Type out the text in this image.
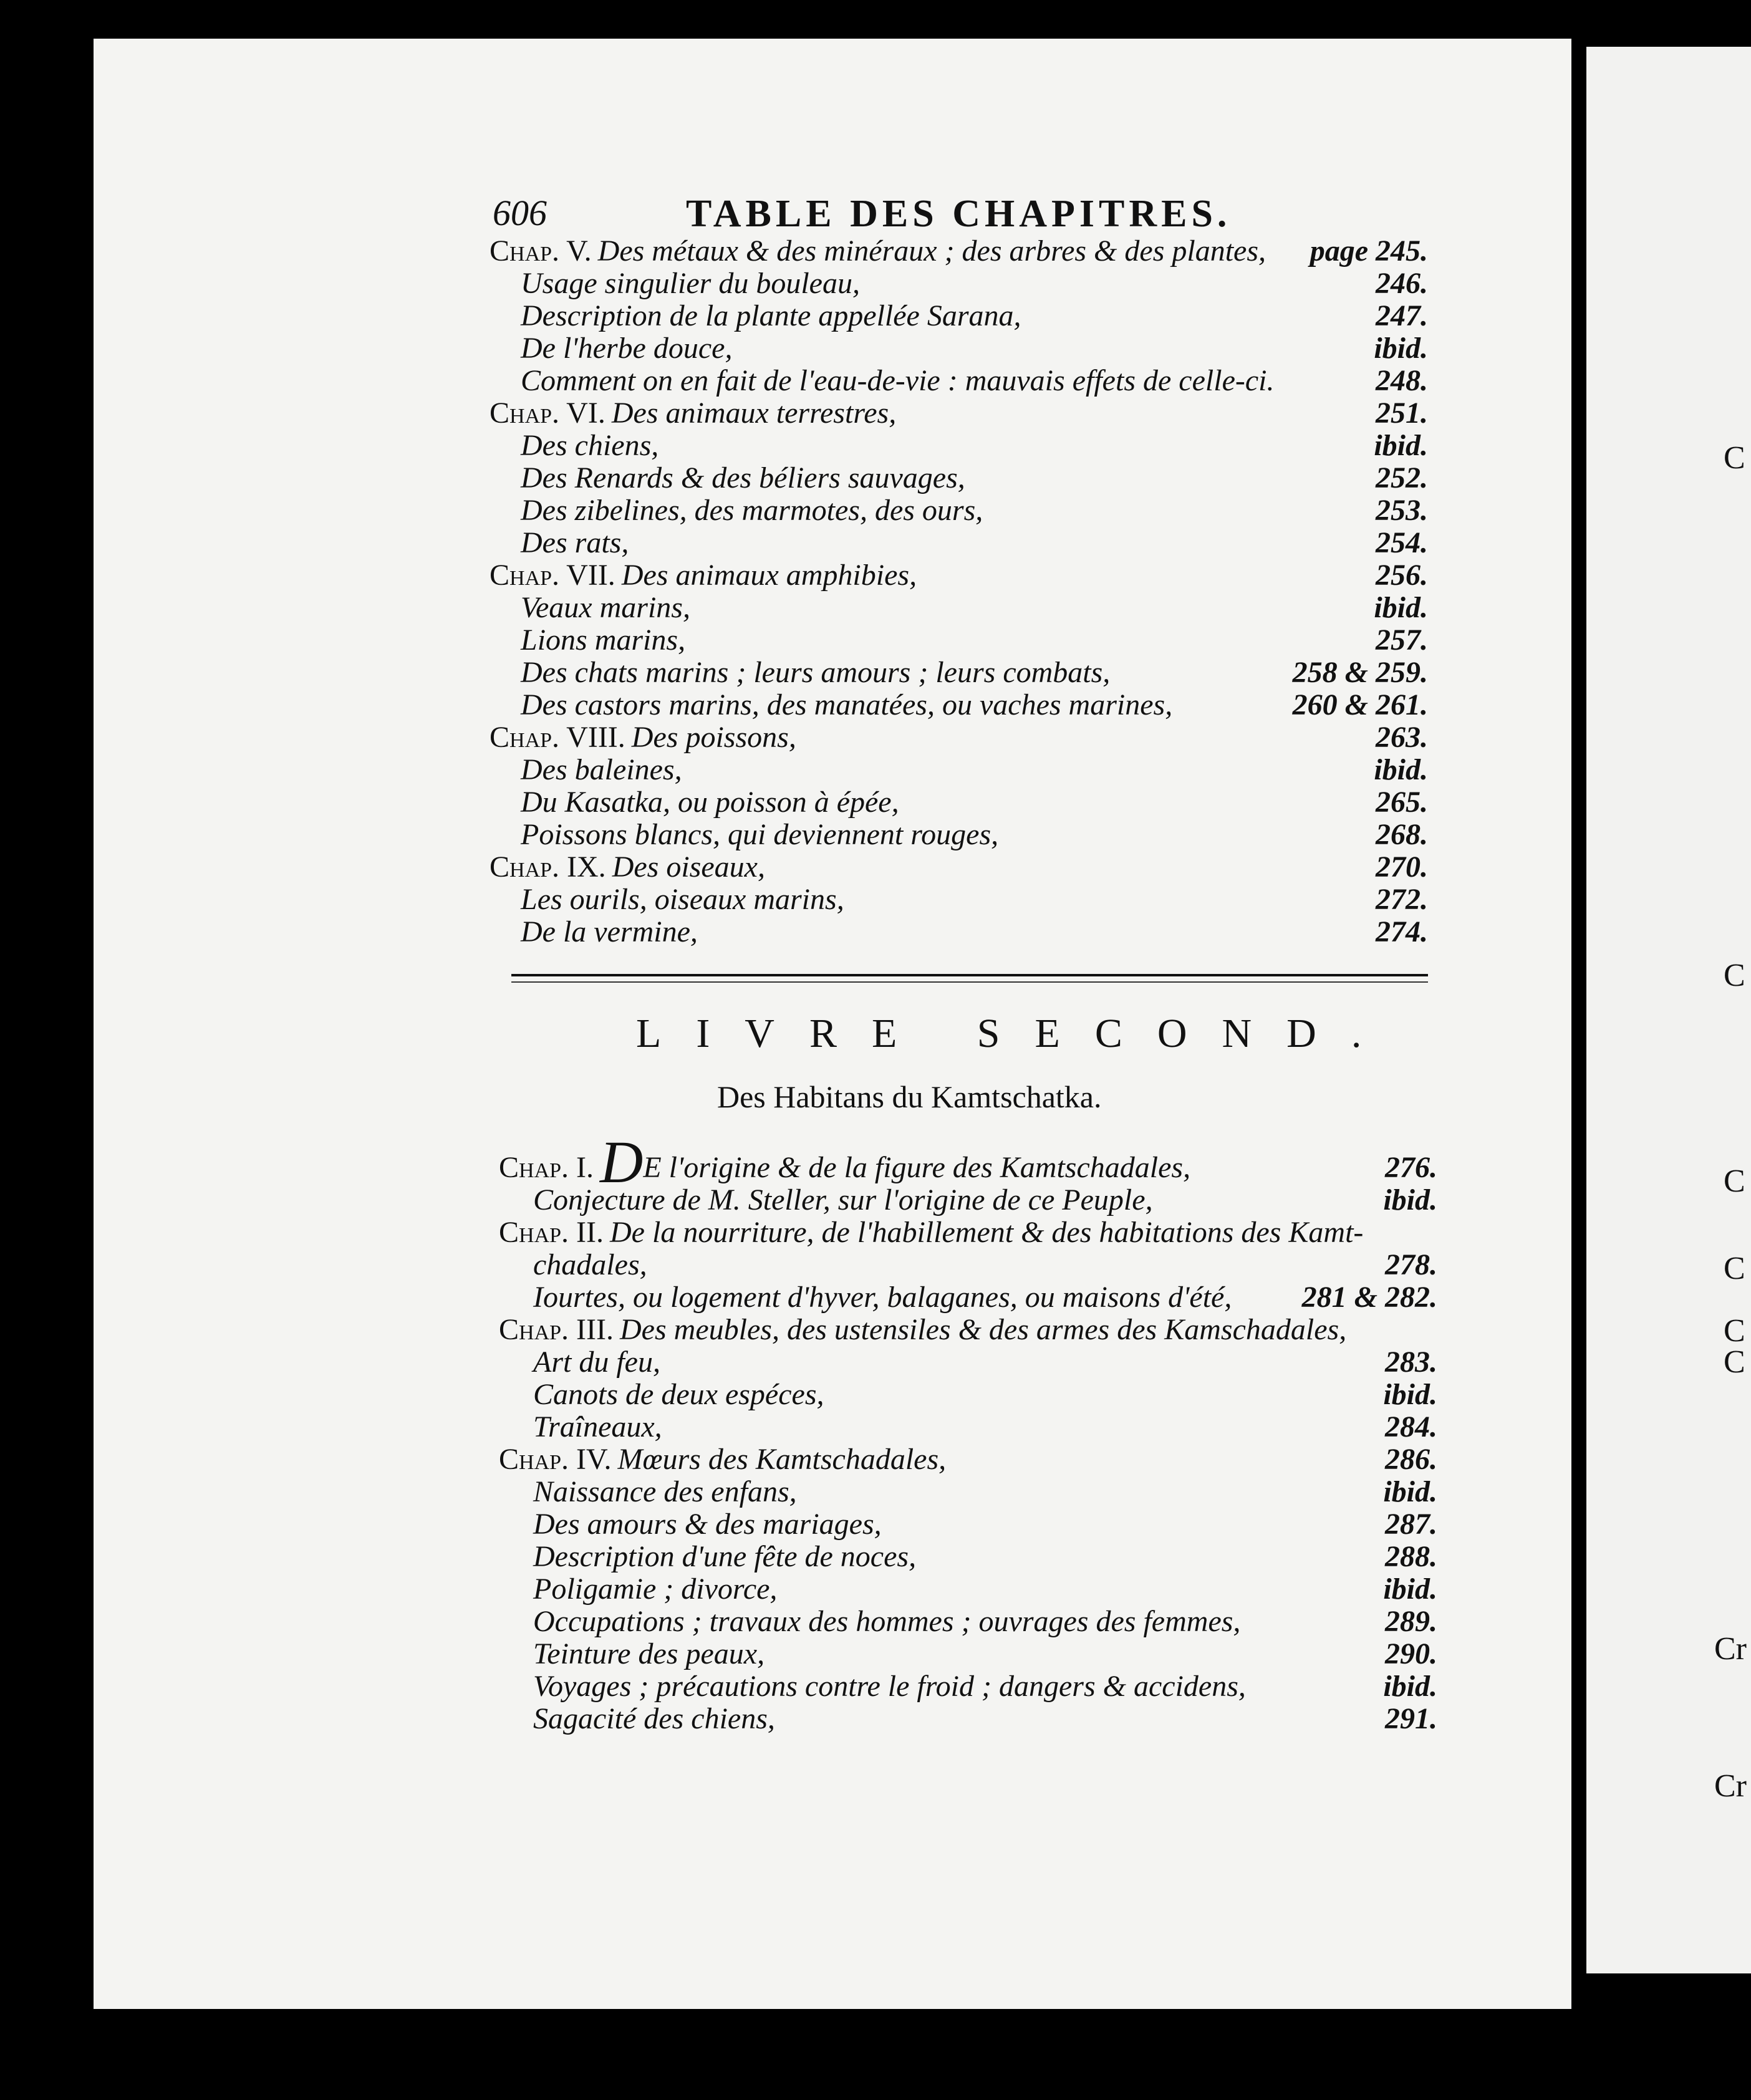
C
C
C
C
C
C
Cr
Cr
606	TABLE DES CHAPITRES.
Chap. V. Des métaux & des minéraux ; des arbres & des plantes, page 245.
Usage singulier du bouleau,	246.
Description de la plante appellée Sarana,	247.
De l'herbe douce,	ibid.
Comment on en fait de l'eau-de-vie : mauvais effets de celle-ci.	248.
Chap. VI. Des animaux terrestres,	251.
Des chiens,	ibid.
Des Renards & des béliers sauvages,	252.
Des zibelines, des marmotes, des ours,	253.
Des rats,	254.
Chap. VII. Des animaux amphibies,	256.
Veaux marins,	ibid.
Lions marins,	257.
Des chats marins ; leurs amours ; leurs combats,	258 & 259.
Des castors marins, des manatées, ou vaches marines,	260 & 261.
Chap. VIII. Des poissons,	263.
Des baleines,	ibid.
Du Kasatka, ou poisson à épée,	265.
Poissons blancs, qui deviennent rouges,	268.
Chap. IX. Des oiseaux,	270.
Les ourils, oiseaux marins,	272.
De la vermine,	274.
LIVRE SECOND.
Des Habitans du Kamtschatka.
Chap. I. DE l'origine & de la figure des Kamtschadales,	276.
Conjecture de M. Steller, sur l'origine de ce Peuple,	ibid.
Chap. II. De la nourriture, de l'habillement & des habitations des Kamt-
chadales,	278.
Iourtes, ou logement d'hyver, balaganes, ou maisons d'été, 281 & 282.
Chap. III. Des meubles, des ustensiles & des armes des Kamschadales,
Art du feu,	283.
Canots de deux espéces,	ibid.
Traîneaux,	284.
Chap. IV. Mœurs des Kamtschadales,	286.
Naissance des enfans,	ibid.
Des amours & des mariages,	287.
Description d'une fête de noces,	288.
Poligamie ; divorce,	ibid.
Occupations ; travaux des hommes ; ouvrages des femmes,	289.
Teinture des peaux,	290.
Voyages ; précautions contre le froid ; dangers & accidens,	ibid.
Sagacité des chiens,	291.
